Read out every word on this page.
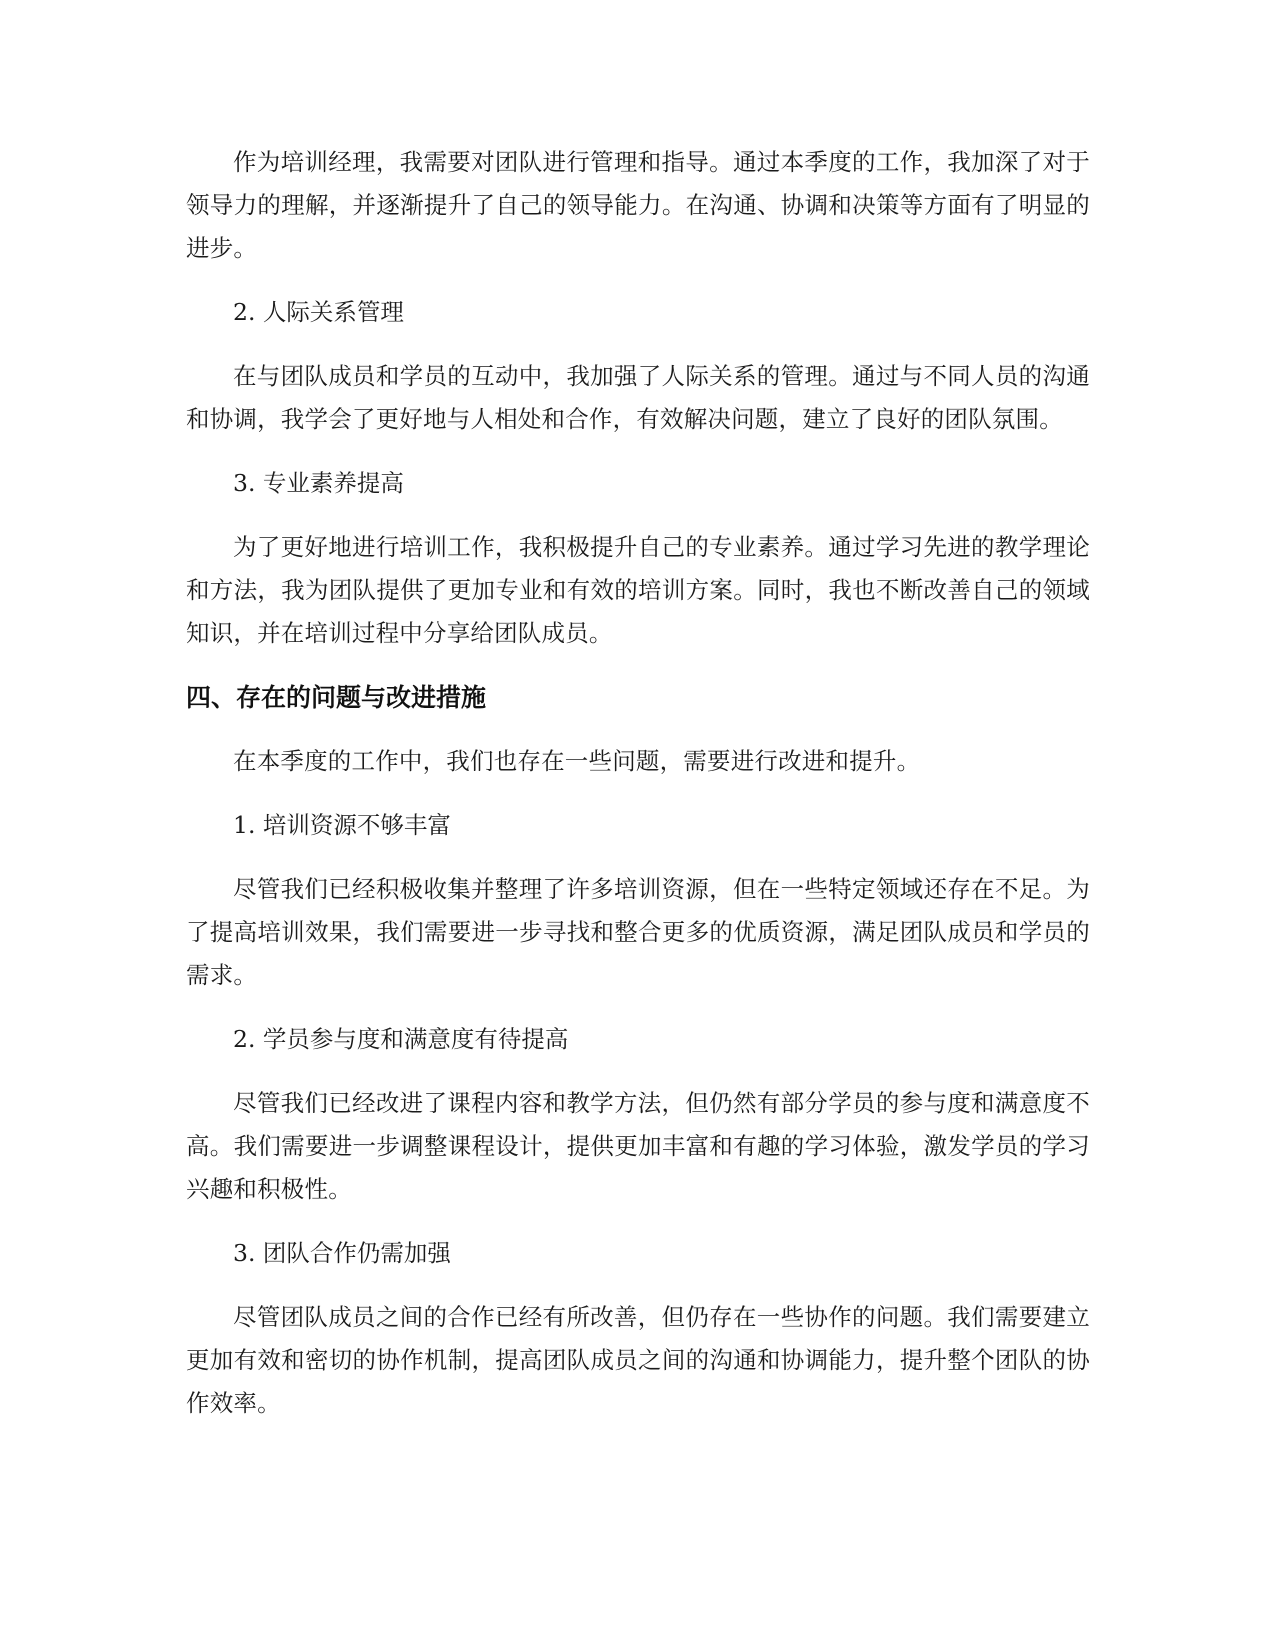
作为培训经理，我需要对团队进行管理和指导。通过本季度的工作，我加深了对于领导力的理解，并逐渐提升了自己的领导能力。在沟通、协调和决策等方面有了明显的进步。

2. 人际关系管理

在与团队成员和学员的互动中，我加强了人际关系的管理。通过与不同人员的沟通和协调，我学会了更好地与人相处和合作，有效解决问题，建立了良好的团队氛围。

3. 专业素养提高

为了更好地进行培训工作，我积极提升自己的专业素养。通过学习先进的教学理论和方法，我为团队提供了更加专业和有效的培训方案。同时，我也不断改善自己的领域知识，并在培训过程中分享给团队成员。

四、存在的问题与改进措施

在本季度的工作中，我们也存在一些问题，需要进行改进和提升。

1. 培训资源不够丰富

尽管我们已经积极收集并整理了许多培训资源，但在一些特定领域还存在不足。为了提高培训效果，我们需要进一步寻找和整合更多的优质资源，满足团队成员和学员的需求。

2. 学员参与度和满意度有待提高

尽管我们已经改进了课程内容和教学方法，但仍然有部分学员的参与度和满意度不高。我们需要进一步调整课程设计，提供更加丰富和有趣的学习体验，激发学员的学习兴趣和积极性。

3. 团队合作仍需加强

尽管团队成员之间的合作已经有所改善，但仍存在一些协作的问题。我们需要建立更加有效和密切的协作机制，提高团队成员之间的沟通和协调能力，提升整个团队的协作效率。
